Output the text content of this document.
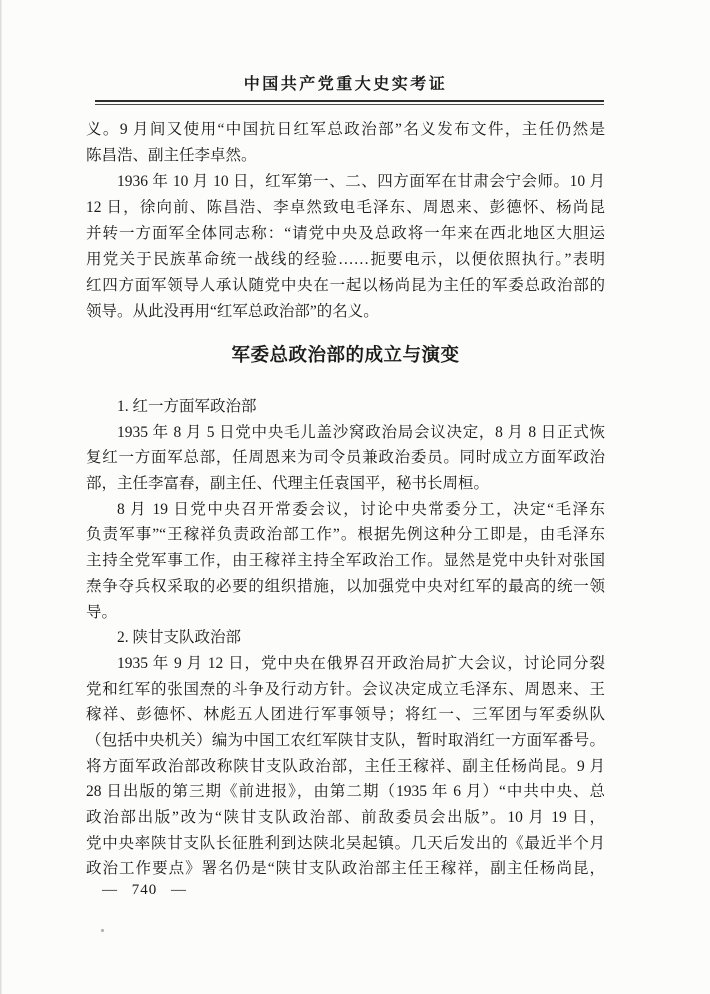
中国共产党重大史实考证
义。9 月间又使用“中国抗日红军总政治部”名义发布文件，主任仍然是
陈昌浩、副主任李卓然。
1936 年 10 月 10 日，红军第一、二、四方面军在甘肃会宁会师。10 月
12 日，徐向前、陈昌浩、李卓然致电毛泽东、周恩来、彭德怀、杨尚昆
并转一方面军全体同志称：“请党中央及总政将一年来在西北地区大胆运
用党关于民族革命统一战线的经验……扼要电示，以便依照执行。”表明
红四方面军领导人承认随党中央在一起以杨尚昆为主任的军委总政治部的
领导。从此没再用“红军总政治部”的名义。
军委总政治部的成立与演变
1. 红一方面军政治部
1935 年 8 月 5 日党中央毛儿盖沙窝政治局会议决定，8 月 8 日正式恢
复红一方面军总部，任周恩来为司令员兼政治委员。同时成立方面军政治
部，主任李富春，副主任、代理主任袁国平，秘书长周桓。
8 月 19 日党中央召开常委会议，讨论中央常委分工，决定“毛泽东
负责军事”“王稼祥负责政治部工作”。根据先例这种分工即是，由毛泽东
主持全党军事工作，由王稼祥主持全军政治工作。显然是党中央针对张国
焘争夺兵权采取的必要的组织措施，以加强党中央对红军的最高的统一领
导。
2. 陕甘支队政治部
1935 年 9 月 12 日，党中央在俄界召开政治局扩大会议，讨论同分裂
党和红军的张国焘的斗争及行动方针。会议决定成立毛泽东、周恩来、王
稼祥、彭德怀、林彪五人团进行军事领导；将红一、三军团与军委纵队
（包括中央机关）编为中国工农红军陕甘支队，暂时取消红一方面军番号。
将方面军政治部改称陕甘支队政治部，主任王稼祥、副主任杨尚昆。9 月
28 日出版的第三期《前进报》，由第二期（1935 年 6 月）“中共中央、总
政治部出版”改为“陕甘支队政治部、前敌委员会出版”。10 月 19 日，
党中央率陕甘支队长征胜利到达陕北吴起镇。几天后发出的《最近半个月
政治工作要点》署名仍是“陕甘支队政治部主任王稼祥，副主任杨尚昆，
— 740 —
